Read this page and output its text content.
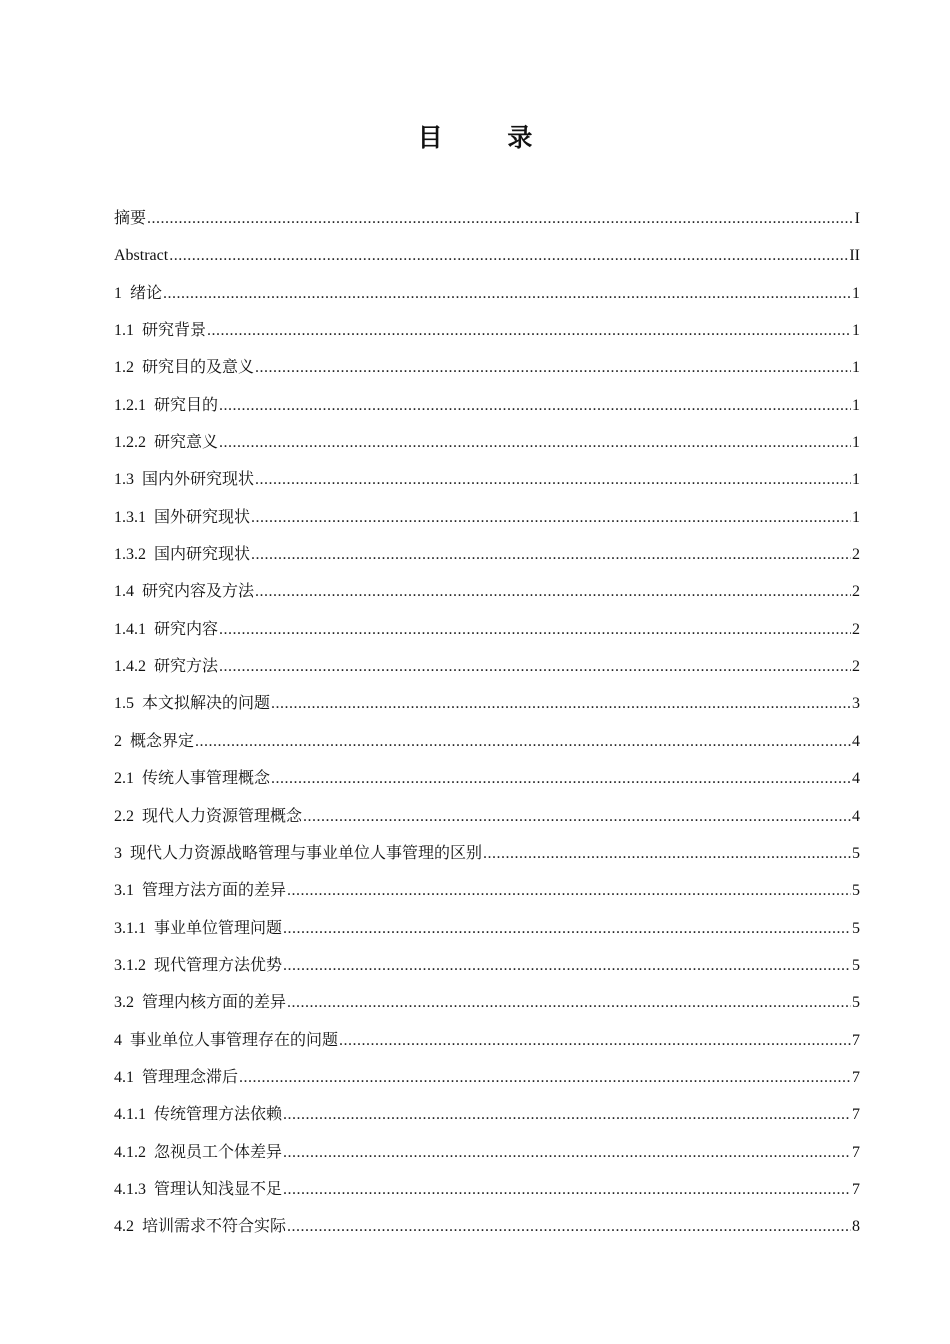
目 录
摘要 .....	I
Abstract .....	II
1  绪论 .....	1
1.1  研究背景 .....	1
1.2  研究目的及意义 .....	1
1.2.1  研究目的 .....	1
1.2.2  研究意义 .....	1
1.3  国内外研究现状 .....	1
1.3.1  国外研究现状 .....	1
1.3.2  国内研究现状 .....	2
1.4  研究内容及方法 .....	2
1.4.1  研究内容 .....	2
1.4.2  研究方法 .....	2
1.5  本文拟解决的问题 .....	3
2  概念界定 .....	4
2.1  传统人事管理概念 .....	4
2.2  现代人力资源管理概念 .....	4
3  现代人力资源战略管理与事业单位人事管理的区别 .....	5
3.1  管理方法方面的差异 .....	5
3.1.1  事业单位管理问题 .....	5
3.1.2  现代管理方法优势 .....	5
3.2  管理内核方面的差异 .....	5
4  事业单位人事管理存在的问题 .....	7
4.1  管理理念滞后 .....	7
4.1.1  传统管理方法依赖 .....	7
4.1.2  忽视员工个体差异 .....	7
4.1.3  管理认知浅显不足 .....	7
4.2  培训需求不符合实际 .....	8
